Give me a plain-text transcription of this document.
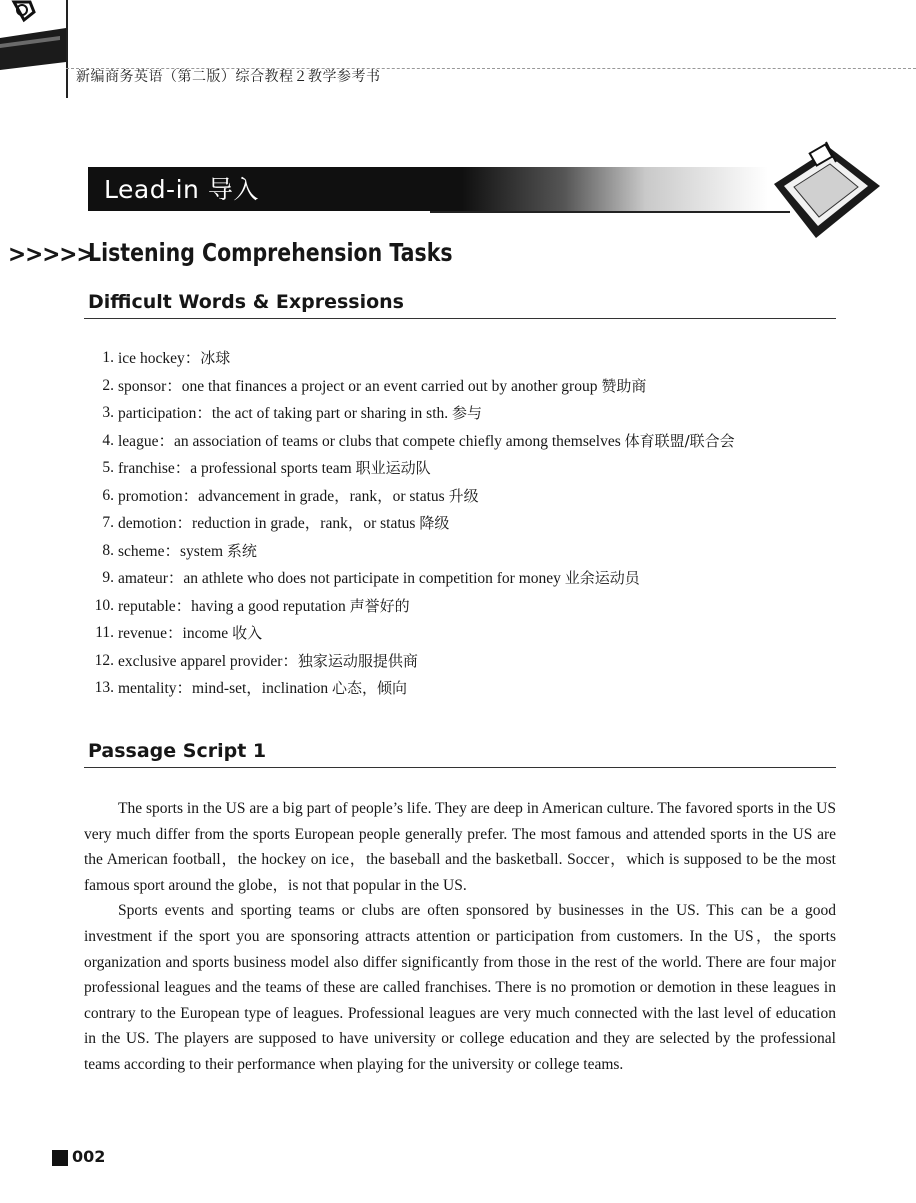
新编商务英语（第二版）综合教程２教学参考书
Lead-in 导入
>>>>>
Listening Comprehension Tasks
Difficult Words & Expressions
1. ice hockey：冰球
2. sponsor：one that finances a project or an event carried out by another group 赞助商
3. participation：the act of taking part or sharing in sth. 参与
4. league：an association of teams or clubs that compete chiefly among themselves 体育联盟/联合会
5. franchise：a professional sports team 职业运动队
6. promotion：advancement in grade，rank，or status 升级
7. demotion：reduction in grade，rank，or status 降级
8. scheme：system 系统
9. amateur：an athlete who does not participate in competition for money 业余运动员
10. reputable：having a good reputation 声誉好的
11. revenue：income 收入
12. exclusive apparel provider：独家运动服提供商
13. mentality：mind-set，inclination 心态，倾向
Passage Script 1

The sports in the US are a big part of people’s life. They are deep in American culture. The favored sports in the US very much differ from the sports European people generally prefer. The most famous and attended sports in the US are the American football，the hockey on ice，the baseball and the basketball. Soccer，which is supposed to be the most famous sport around the globe，is not that popular in the US.

Sports events and sporting teams or clubs are often sponsored by businesses in the US. This can be a good investment if the sport you are sponsoring attracts attention or participation from customers. In the US，the sports organization and sports business model also differ significantly from those in the rest of the world. There are four major professional leagues and the teams of these are called franchises. There is no promotion or demotion in these leagues in contrary to the European type of leagues. Professional leagues are very much connected with the last level of education in the US. The players are supposed to have university or college education and they are selected by the professional teams according to their performance when playing for the university or college teams.

002
